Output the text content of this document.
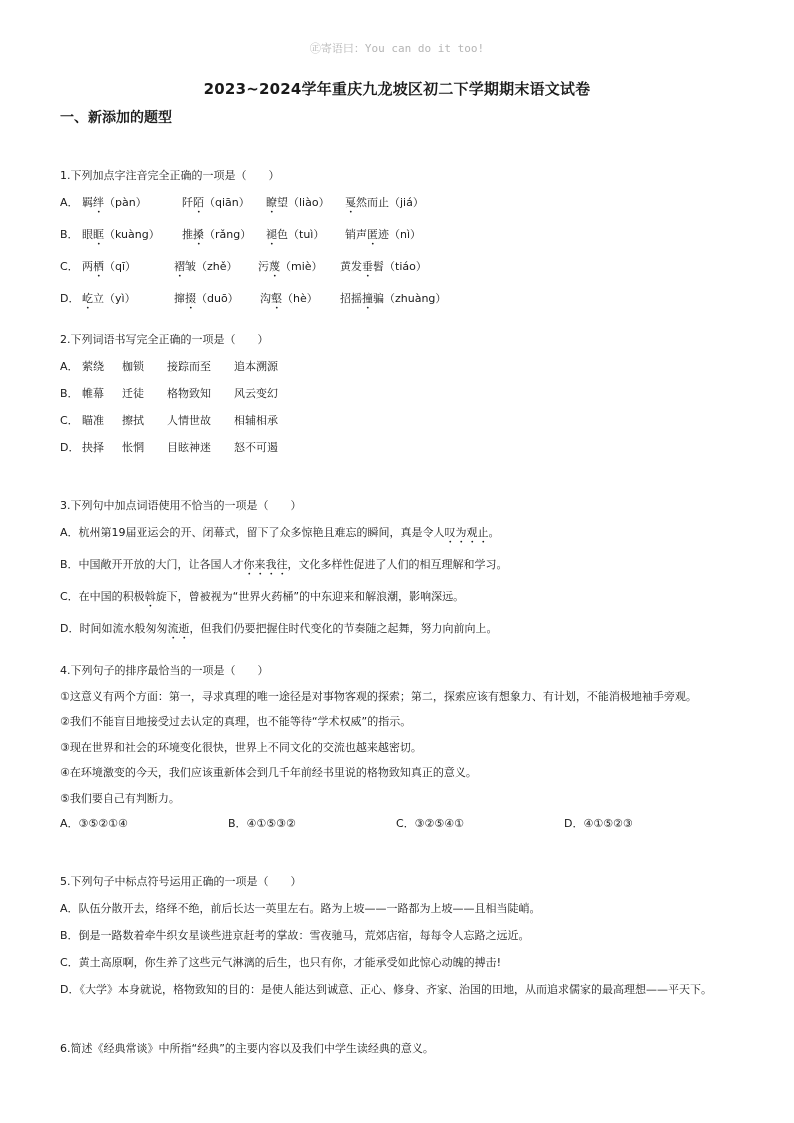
㊣寄语曰：You can do it too!
2023~2024学年重庆九龙坡区初二下学期期末语文试卷
一、新添加的题型
1.下列加点字注音完全正确的一项是（　　）
A． 羁绊（pàn）	阡陌（qiān）	瞭望（liào）	戛然而止（jiá）
B． 眼眶（kuàng）	推搡（rǎng）	褪色（tuì）	销声匿迹（nì）
C． 两栖（qī）	褶皱（zhě）	污蔑（miè）	黄发垂髫（tiáo）
D． 屹立（yì）	撺掇（duō）	沟壑（hè）	招摇撞骗（zhuàng）
2.下列词语书写完全正确的一项是（　　）
A． 萦绕	枷锁	接踪而至	追本溯源
B． 帷幕	迁徒	格物致知	风云变幻
C． 瞄准	擦拭	人情世故	相辅相承
D． 抉择	怅惘	目眩神迷	怒不可遏
3.下列句中加点词语使用不恰当的一项是（　　）
A．杭州第19届亚运会的开、闭幕式，留下了众多惊艳且难忘的瞬间，真是令人叹为观止。
B．中国敞开开放的大门，让各国人才你来我往，文化多样性促进了人们的相互理解和学习。
C．在中国的积极斡旋下，曾被视为“世界火药桶”的中东迎来和解浪潮，影响深远。
D．时间如流水般匆匆流逝，但我们仍要把握住时代变化的节奏随之起舞，努力向前向上。
4.下列句子的排序最恰当的一项是（　　）
①这意义有两个方面：第一，寻求真理的唯一途径是对事物客观的探索；第二，探索应该有想象力、有计划，不能消极地袖手旁观。
②我们不能盲目地接受过去认定的真理，也不能等待“学术权威”的指示。
③现在世界和社会的环境变化很快，世界上不同文化的交流也越来越密切。
④在环境激变的今天，我们应该重新体会到几千年前经书里说的格物致知真正的意义。
⑤我们要自己有判断力。
A．③⑤②①④	B．④①⑤③②	C．③②⑤④①	D．④①⑤②③
5.下列句子中标点符号运用正确的一项是（　　）
A．队伍分散开去，络绎不绝，前后长达一英里左右。路为上坡——一路都为上坡——且相当陡峭。
B．倒是一路数着牵牛织女星谈些进京赶考的掌故：雪夜驰马，荒郊店宿，每每令人忘路之远近。
C．黄土高原啊，你生养了这些元气淋漓的后生，也只有你，才能承受如此惊心动魄的搏击!
D．《大学》本身就说，格物致知的目的：是使人能达到诚意、正心、修身、齐家、治国的田地，从而追求儒家的最高理想——平天下。
6.简述《经典常谈》中所指“经典”的主要内容以及我们中学生读经典的意义。
